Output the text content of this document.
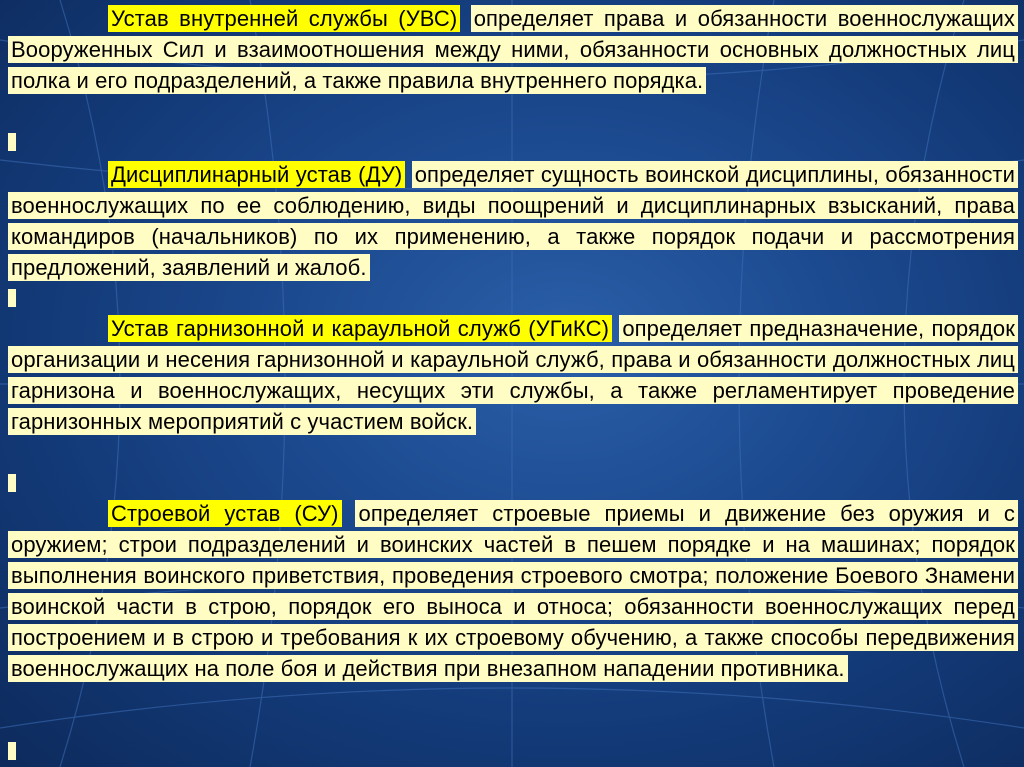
Устав внутренней службы (УВС) определяет права и обязанности военнослужащих Вооруженных Сил и взаимоотношения между ними, обязанности основных должностных лиц полка и его подразделений, а также правила внутреннего порядка.

Дисциплинарный устав (ДУ) определяет сущность воинской дисциплины, обязанности военнослужащих по ее соблюдению, виды поощрений и дисциплинарных взысканий, права командиров (начальников) по их применению, а также порядок подачи и рассмотрения предложений, заявлений и жалоб.

Устав гарнизонной и караульной служб (УГиКС) определяет предназначение, порядок организации и несения гарнизонной и караульной служб, права и обязанности должностных лиц гарнизона и военнослужащих, несущих эти службы, а также регламентирует проведение гарнизонных мероприятий с участием войск.

Строевой устав (СУ) определяет строевые приемы и движение без оружия и с оружием; строи подразделений и воинских частей в пешем порядке и на машинах; порядок выполнения воинского приветствия, проведения строевого смотра; положение Боевого Знамени воинской части в строю, порядок его выноса и относа; обязанности военнослужащих перед построением и в строю и требования к их строевому обучению, а также способы передвижения военнослужащих на поле боя и действия при внезапном нападении противника.
